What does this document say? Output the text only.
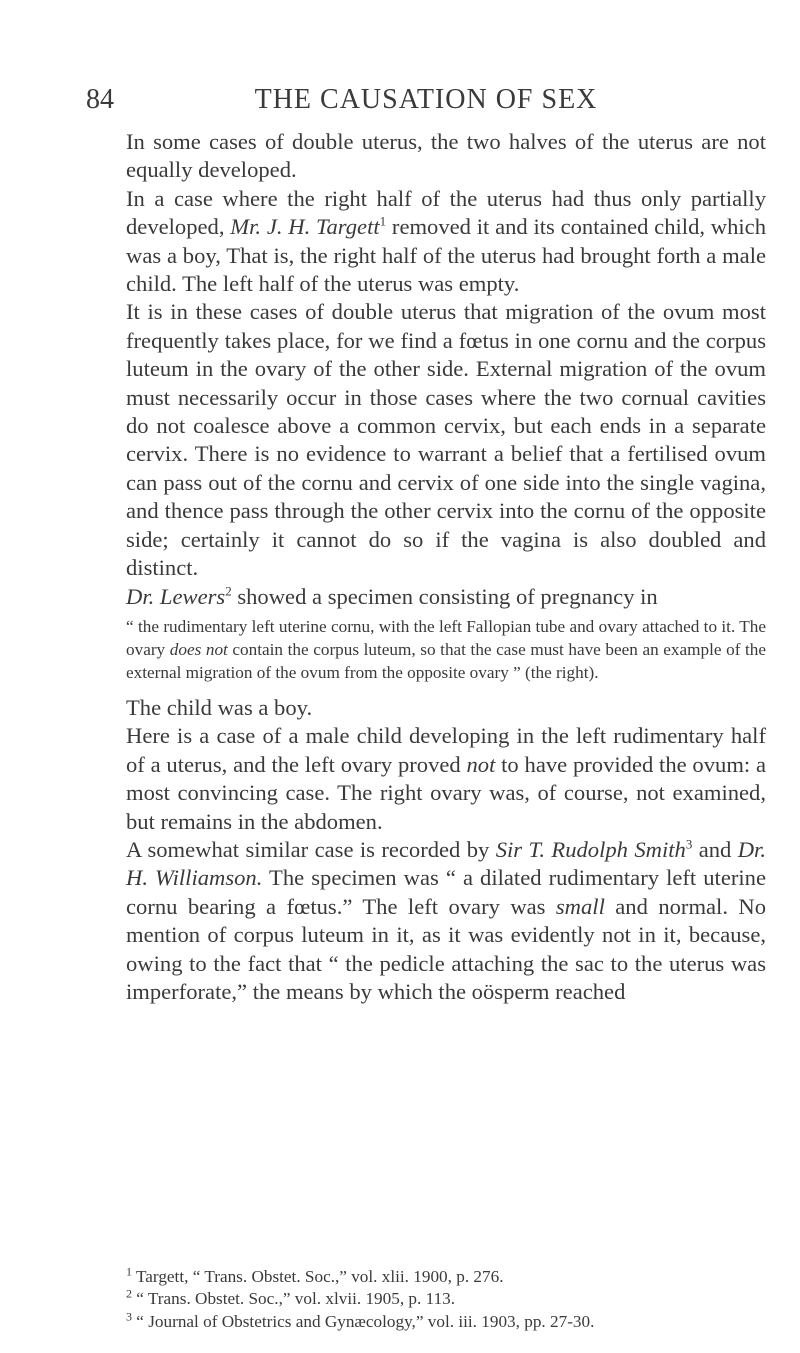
84	THE CAUSATION OF SEX

In some cases of double uterus, the two halves of the uterus are not equally developed.

In a case where the right half of the uterus had thus only partially developed, Mr. J. H. Targett$^1$ removed it and its contained child, which was a boy, That is, the right half of the uterus had brought forth a male child. The left half of the uterus was empty.

It is in these cases of double uterus that migration of the ovum most frequently takes place, for we find a fœtus in one cornu and the corpus luteum in the ovary of the other side. External migration of the ovum must necessarily occur in those cases where the two cornual cavities do not coalesce above a common cervix, but each ends in a separate cervix. There is no evidence to warrant a belief that a fertilised ovum can pass out of the cornu and cervix of one side into the single vagina, and thence pass through the other cervix into the cornu of the opposite side; certainly it cannot do so if the vagina is also doubled and distinct.

Dr. Lewers$^2$ showed a specimen consisting of pregnancy in

“ the rudimentary left uterine cornu, with the left Fallopian tube and ovary attached to it. The ovary does not contain the corpus luteum, so that the case must have been an example of the external migration of the ovum from the opposite ovary ” (the right).

The child was a boy.

Here is a case of a male child developing in the left rudimentary half of a uterus, and the left ovary proved not to have provided the ovum: a most convincing case. The right ovary was, of course, not examined, but remains in the abdomen.

A somewhat similar case is recorded by Sir T. Rudolph Smith$^3$ and Dr. H. Williamson. The specimen was “ a dilated rudimentary left uterine cornu bearing a fœtus.” The left ovary was small and normal. No mention of corpus luteum in it, as it was evidently not in it, because, owing to the fact that “ the pedicle attaching the sac to the uterus was imperforate,” the means by which the oösperm reached

$^1$ Targett, “ Trans. Obstet. Soc.,” vol. xlii. 1900, p. 276.
$^2$ “ Trans. Obstet. Soc.,” vol. xlvii. 1905, p. 113.
$^3$ “ Journal of Obstetrics and Gynæcology,” vol. iii. 1903, pp. 27-30.
